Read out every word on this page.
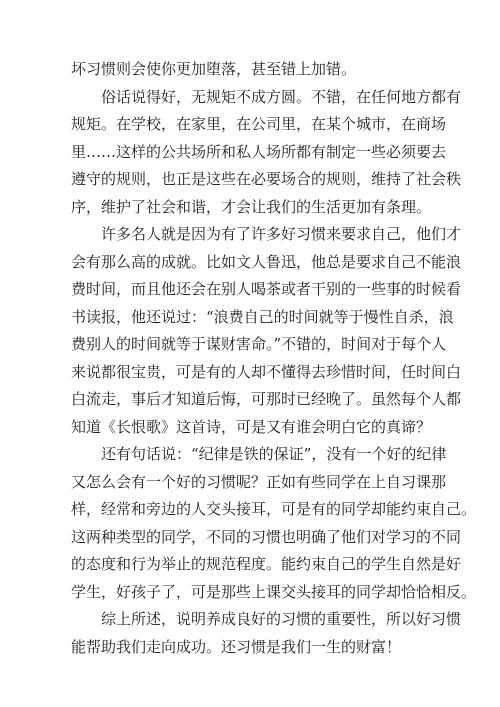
坏习惯则会使你更加堕落，甚至错上加错。
　　俗话说得好，无规矩不成方圆。不错，在任何地方都有
规矩。在学校，在家里，在公司里，在某个城市，在商场
里……这样的公共场所和私人场所都有制定一些必须要去
遵守的规则，也正是这些在必要场合的规则，维持了社会秩
序，维护了社会和谐，才会让我们的生活更加有条理。
　　许多名人就是因为有了许多好习惯来要求自己，他们才
会有那么高的成就。比如文人鲁迅，他总是要求自己不能浪
费时间，而且他还会在别人喝茶或者干别的一些事的时候看
书读报，他还说过：“浪费自己的时间就等于慢性自杀，浪
费别人的时间就等于谋财害命。”不错的，时间对于每个人
来说都很宝贵，可是有的人却不懂得去珍惜时间，任时间白
白流走，事后才知道后悔，可那时已经晚了。虽然每个人都
知道《长恨歌》这首诗，可是又有谁会明白它的真谛？
　　还有句话说：“纪律是铁的保证”，没有一个好的纪律
又怎么会有一个好的习惯呢？正如有些同学在上自习课那
样，经常和旁边的人交头接耳，可是有的同学却能约束自己。
这两种类型的同学，不同的习惯也明确了他们对学习的不同
的态度和行为举止的规范程度。能约束自己的学生自然是好
学生，好孩子了，可是那些上课交头接耳的同学却恰恰相反。
　　综上所述，说明养成良好的习惯的重要性，所以好习惯
能帮助我们走向成功。还习惯是我们一生的财富！
